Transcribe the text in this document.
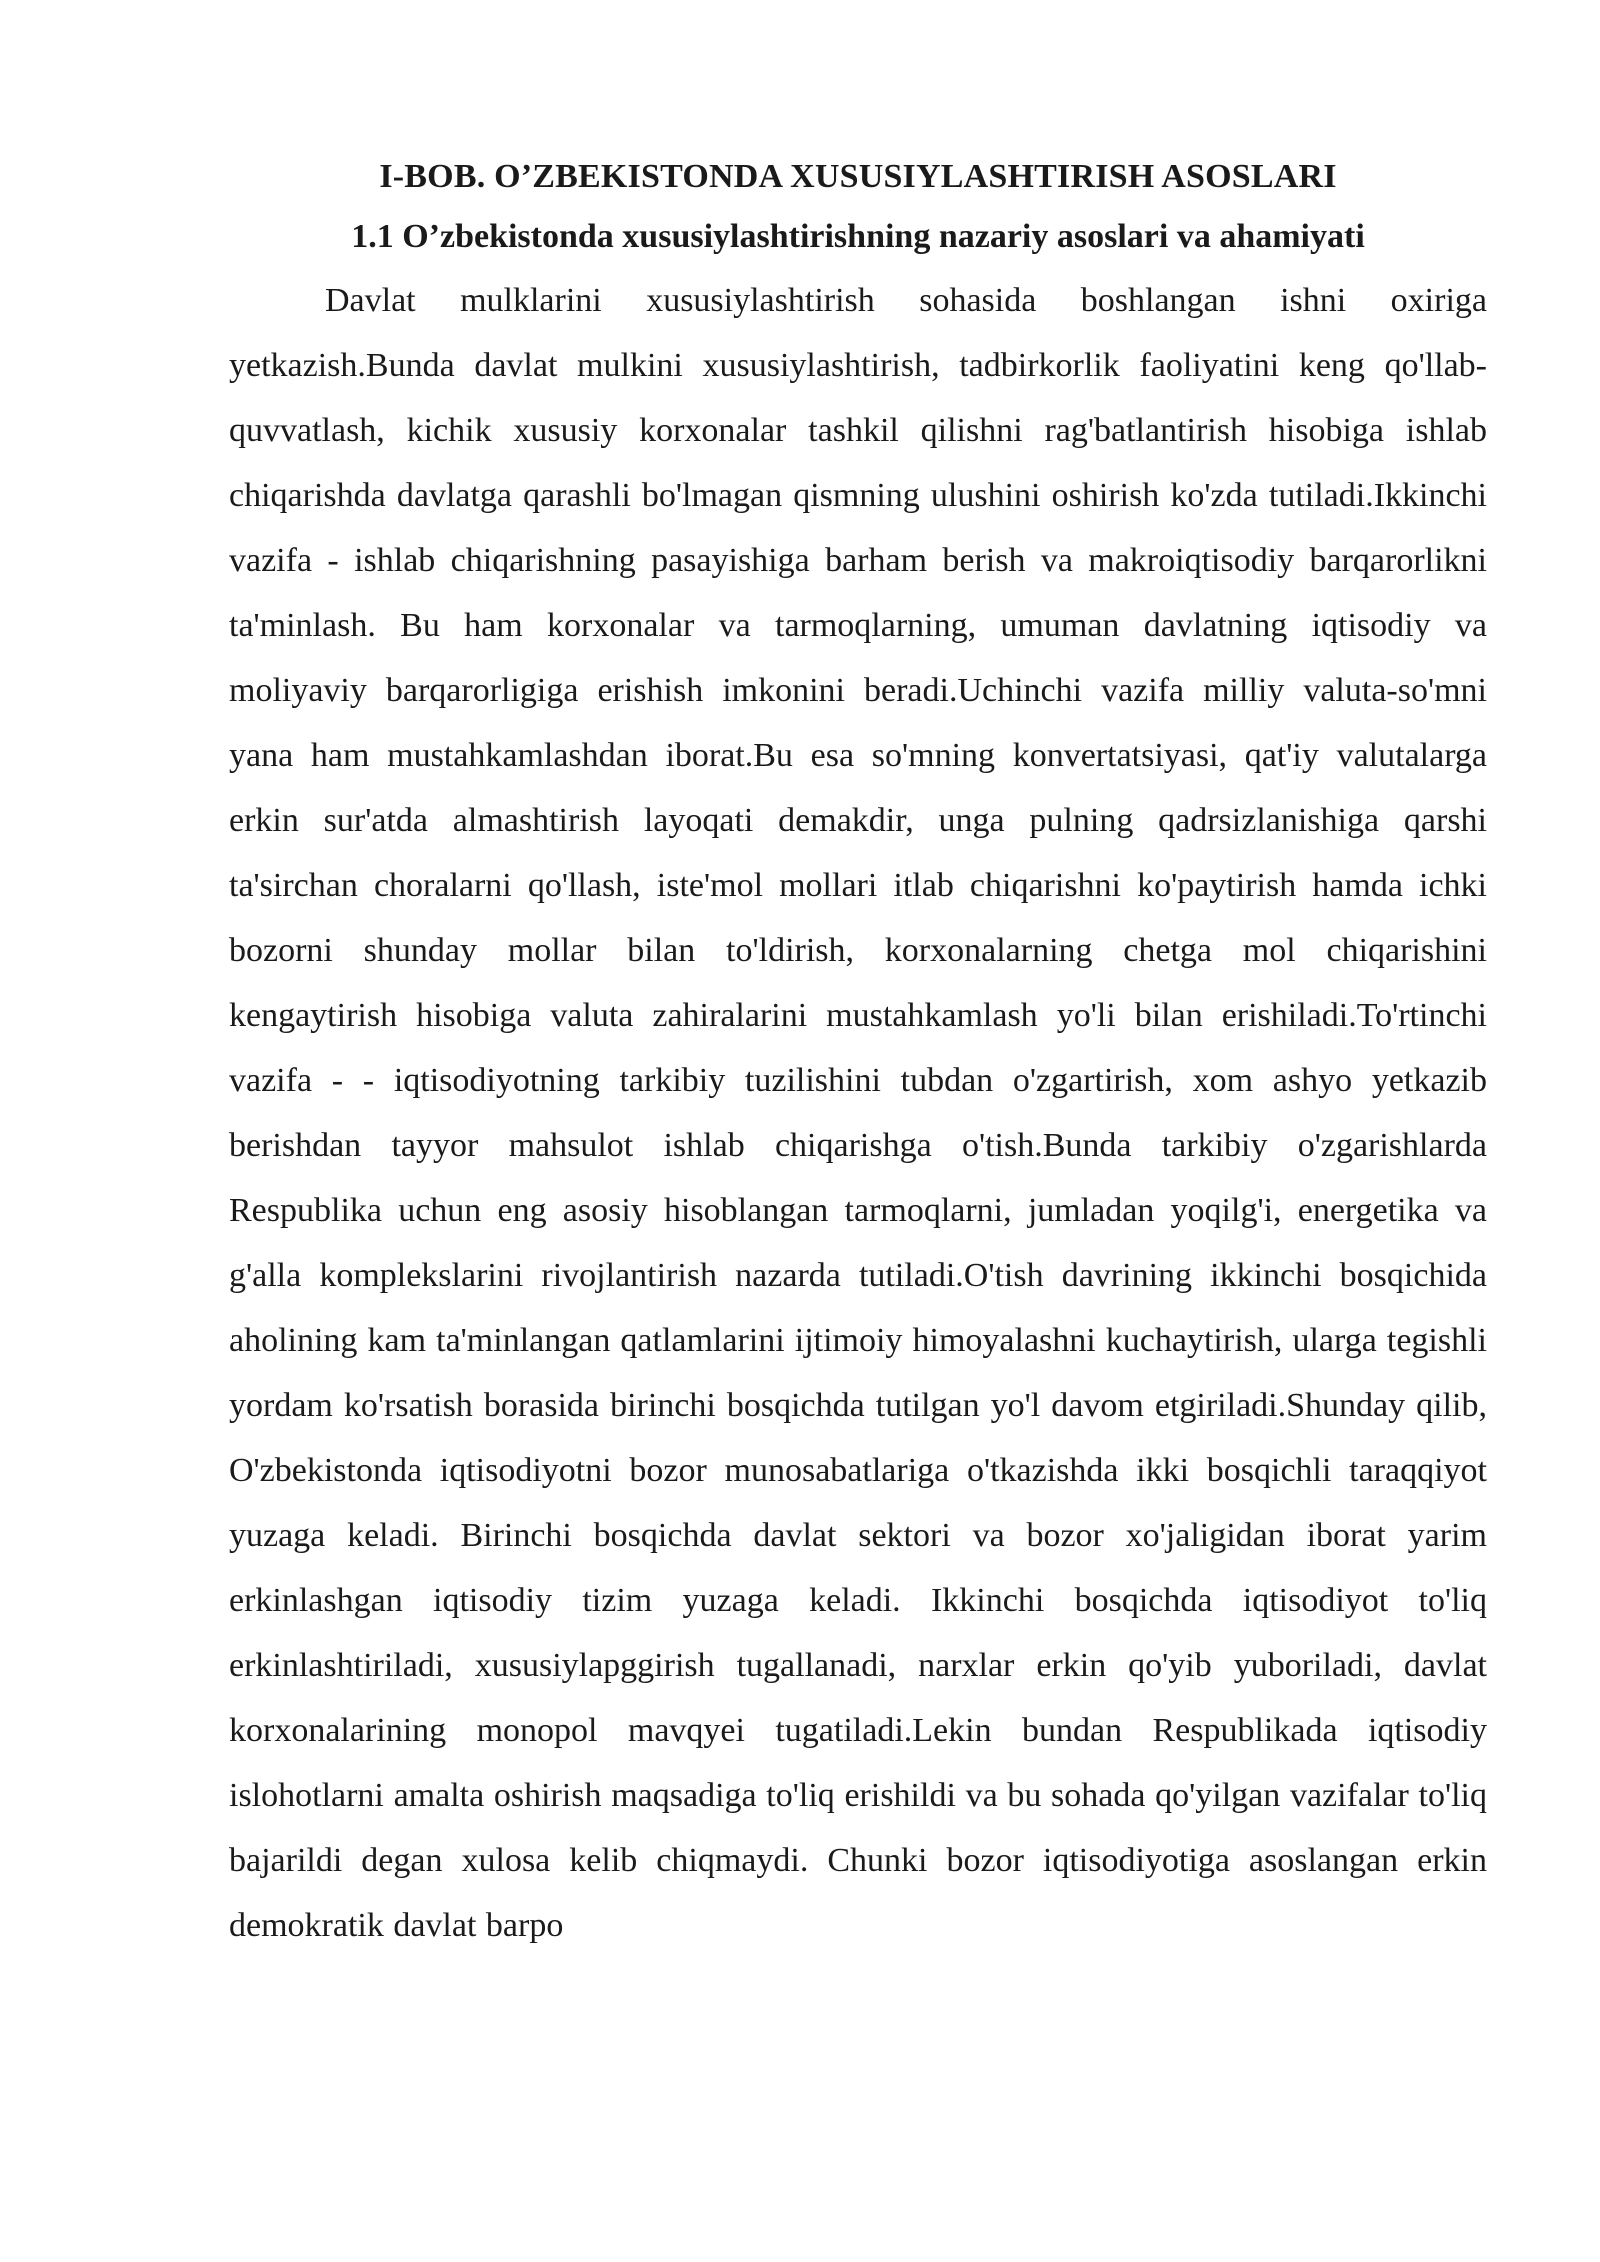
I-BOB. O’ZBEKISTONDA XUSUSIYLASHTIRISH ASOSLARI
1.1 O’zbekistonda xususiylashtirishning nazariy asoslari va ahamiyati

Davlat mulklarini xususiylashtirish sohasida boshlangan ishni oxiriga yetkazish.Bunda davlat mulkini xususiylashtirish, tadbirkorlik faoliyatini keng qo'llab-quvvatlash, kichik xususiy korxonalar tashkil qilishni rag'batlantirish hisobiga ishlab chiqarishda davlatga qarashli bo'lmagan qismning ulushini oshirish ko'zda tutiladi.Ikkinchi vazifa - ishlab chiqarishning pasayishiga barham berish va makroiqtisodiy barqarorlikni ta'minlash. Bu ham korxonalar va tarmoqlarning, umuman davlatning iqtisodiy va moliyaviy barqarorligiga erishish imkonini beradi.Uchinchi vazifa milliy valuta-so'mni yana ham mustahkamlashdan iborat.Bu esa so'mning konvertatsiyasi, qat'iy valutalarga erkin sur'atda almashtirish layoqati demakdir, unga pulning qadrsizlanishiga qarshi ta'sirchan choralarni qo'llash, iste'mol mollari itlab chiqarishni ko'paytirish hamda ichki bozorni shunday mollar bilan to'ldirish, korxonalarning chetga mol chiqarishini kengaytirish hisobiga valuta zahiralarini mustahkamlash yo'li bilan erishiladi.To'rtinchi vazifa - - iqtisodiyotning tarkibiy tuzilishini tubdan o'zgartirish, xom ashyo yetkazib berishdan tayyor mahsulot ishlab chiqarishga o'tish.Bunda tarkibiy o'zgarishlarda Respublika uchun eng asosiy hisoblangan tarmoqlarni, jumladan yoqilg'i, energetika va g'alla komplekslarini rivojlantirish nazarda tutiladi.O'tish davrining ikkinchi bosqichida aholining kam ta'minlangan qatlamlarini ijtimoiy himoyalashni kuchaytirish, ularga tegishli yordam ko'rsatish borasida birinchi bosqichda tutilgan yo'l davom etgiriladi.Shunday qilib, O'zbekistonda iqtisodiyotni bozor munosabatlariga o'tkazishda ikki bosqichli taraqqiyot yuzaga keladi. Birinchi bosqichda davlat sektori va bozor xo'jaligidan iborat yarim erkinlashgan iqtisodiy tizim yuzaga keladi. Ikkinchi bosqichda iqtisodiyot to'liq erkinlashtiriladi, xususiylapggirish tugallanadi, narxlar erkin qo'yib yuboriladi, davlat korxonalarining monopol mavqyei tugatiladi.Lekin bundan Respublikada iqtisodiy islohotlarni amalta oshirish maqsadiga to'liq erishildi va bu sohada qo'yilgan vazifalar to'liq bajarildi degan xulosa kelib chiqmaydi. Chunki bozor iqtisodiyotiga asoslangan erkin demokratik davlat barpo
